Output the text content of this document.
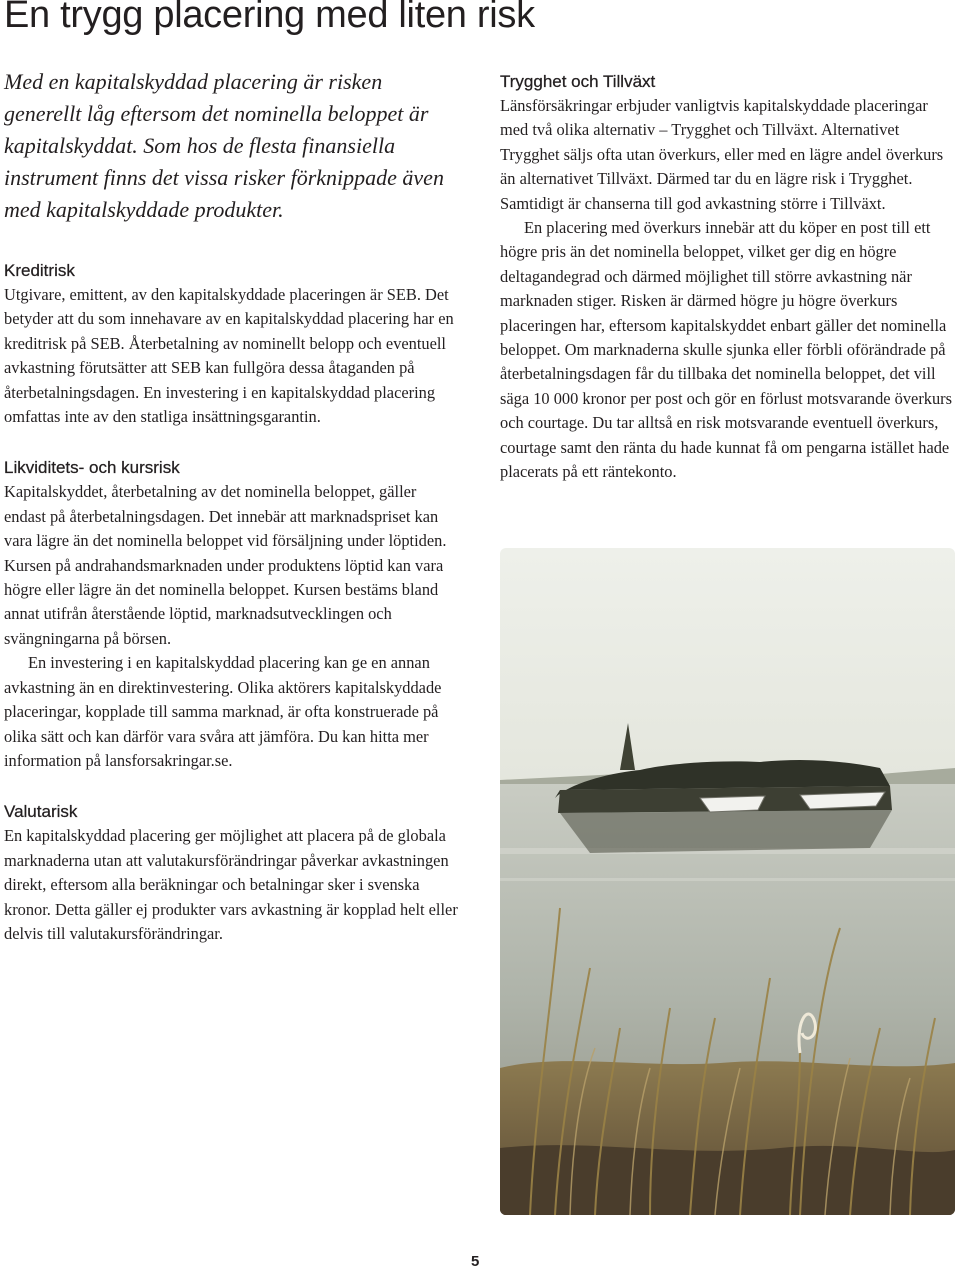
En trygg placering med liten risk

Med en kapitalskyddad placering är risken generellt låg eftersom det nominella beloppet är kapitalskyddat. Som hos de flesta finansiella instrument finns det vissa risker förknippade även med kapitalskyddade produkter.

Kreditrisk

Utgivare, emittent, av den kapitalskyddade placeringen är SEB. Det betyder att du som innehavare av en kapitalskyddad placering har en kreditrisk på SEB. Återbetalning av nominellt belopp och eventuell avkastning förutsätter att SEB kan fullgöra dessa åtaganden på återbetalningsdagen. En investering i en kapitalskyddad placering omfattas inte av den statliga insättningsgarantin.

Likviditets- och kursrisk

Kapitalskyddet, återbetalning av det nominella beloppet, gäller endast på återbetalningsdagen. Det innebär att marknadspriset kan vara lägre än det nominella beloppet vid försäljning under löptiden. Kursen på andrahandsmarknaden under produktens löptid kan vara högre eller lägre än det nominella beloppet. Kursen bestäms bland annat utifrån återstående löptid, marknadsutvecklingen och svängningarna på börsen.

En investering i en kapitalskyddad placering kan ge en annan avkastning än en direktinvestering. Olika aktörers kapitalskyddade placeringar, kopplade till samma marknad, är ofta konstruerade på olika sätt och kan därför vara svåra att jämföra. Du kan hitta mer information på lansforsakringar.se.

Valutarisk

En kapitalskyddad placering ger möjlighet att placera på de globala marknaderna utan att valutakursförändringar påverkar avkastningen direkt, eftersom alla beräkningar och betalningar sker i svenska kronor. Detta gäller ej produkter vars avkastning är kopplad helt eller delvis till valutakursförändringar.

Trygghet och Tillväxt

Länsförsäkringar erbjuder vanligtvis kapitalskyddade placeringar med två olika alternativ – Trygghet och Tillväxt. Alternativet Trygghet säljs ofta utan överkurs, eller med en lägre andel överkurs än alternativet Tillväxt. Därmed tar du en lägre risk i Trygghet. Samtidigt är chanserna till god avkastning större i Tillväxt.

En placering med överkurs innebär att du köper en post till ett högre pris än det nominella beloppet, vilket ger dig en högre deltagandegrad och därmed möjlighet till större avkastning när marknaden stiger. Risken är därmed högre ju högre överkurs placeringen har, eftersom kapitalskyddet enbart gäller det nominella beloppet. Om marknaderna skulle sjunka eller förbli oförändrade på återbetalningsdagen får du tillbaka det nominella beloppet, det vill säga 10 000 kronor per post och gör en förlust motsvarande överkurs och courtage. Du tar alltså en risk motsvarande eventuell överkurs, courtage samt den ränta du hade kunnat få om pengarna istället hade placerats på ett räntekonto.

5
